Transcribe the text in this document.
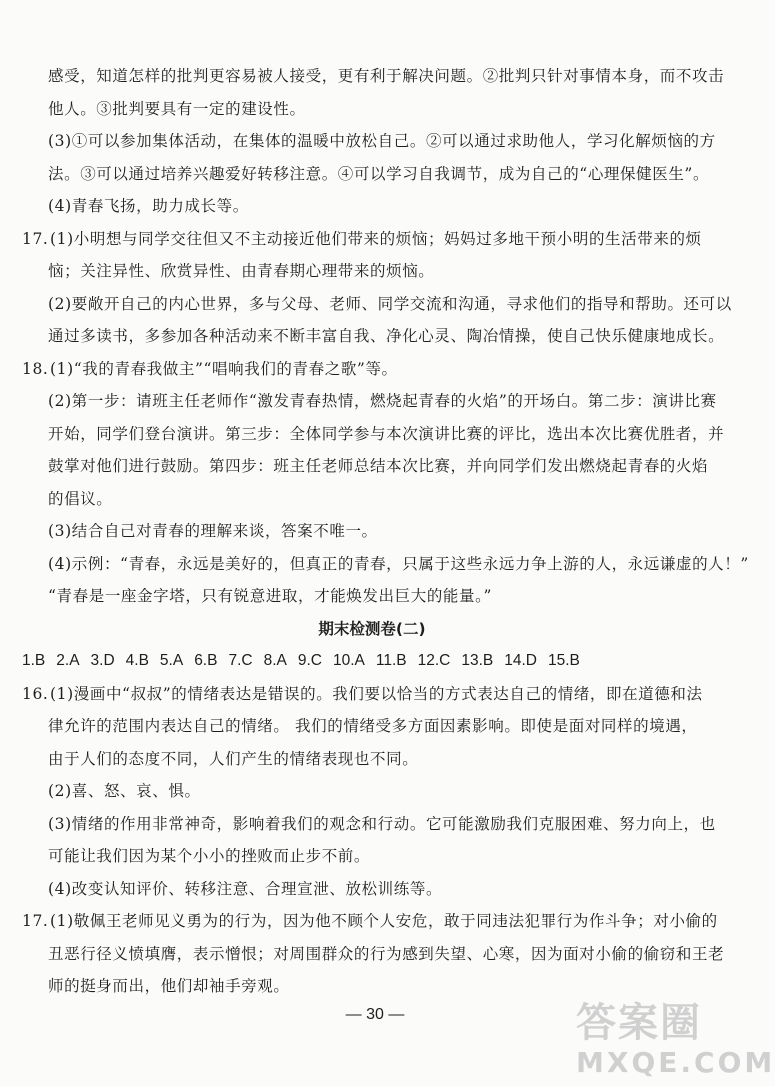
感受，知道怎样的批判更容易被人接受，更有利于解决问题。②批判只针对事情本身，而不攻击
他人。③批判要具有一定的建设性。
(3)①可以参加集体活动，在集体的温暖中放松自己。②可以通过求助他人，学习化解烦恼的方
法。③可以通过培养兴趣爱好转移注意。④可以学习自我调节，成为自己的“心理保健医生”。
(4)青春飞扬，助力成长等。
17. (1)小明想与同学交往但又不主动接近他们带来的烦恼；妈妈过多地干预小明的生活带来的烦
恼；关注异性、欣赏异性、由青春期心理带来的烦恼。
(2)要敞开自己的内心世界，多与父母、老师、同学交流和沟通，寻求他们的指导和帮助。还可以
通过多读书，多参加各种活动来不断丰富自我、净化心灵、陶冶情操，使自己快乐健康地成长。
18. (1)“我的青春我做主”“唱响我们的青春之歌”等。
(2)第一步：请班主任老师作“激发青春热情，燃烧起青春的火焰”的开场白。第二步：演讲比赛
开始，同学们登台演讲。第三步：全体同学参与本次演讲比赛的评比，选出本次比赛优胜者，并
鼓掌对他们进行鼓励。第四步：班主任老师总结本次比赛，并向同学们发出燃烧起青春的火焰
的倡议。
(3)结合自己对青春的理解来谈，答案不唯一。
(4)示例：“青春，永远是美好的，但真正的青春，只属于这些永远力争上游的人，永远谦虚的人！”
“青春是一座金字塔，只有锐意进取，才能焕发出巨大的能量。”
期末检测卷(二)
1.B 2.A 3.D 4.B 5.A 6.B 7.C 8.A 9.C 10.A 11.B 12.C 13.B 14.D 15.B
16. (1)漫画中“叔叔”的情绪表达是错误的。我们要以恰当的方式表达自己的情绪，即在道德和法
律允许的范围内表达自己的情绪。 我们的情绪受多方面因素影响。即使是面对同样的境遇，
由于人们的态度不同，人们产生的情绪表现也不同。
(2)喜、怒、哀、惧。
(3)情绪的作用非常神奇，影响着我们的观念和行动。它可能激励我们克服困难、努力向上，也
可能让我们因为某个小小的挫败而止步不前。
(4)改变认知评价、转移注意、合理宣泄、放松训练等。
17. (1)敬佩王老师见义勇为的行为，因为他不顾个人安危，敢于同违法犯罪行为作斗争；对小偷的
丑恶行径义愤填膺，表示憎恨；对周围群众的行为感到失望、心寒，因为面对小偷的偷窃和王老
师的挺身而出，他们却袖手旁观。
— 30 —	答案圈
MXQE.COM
